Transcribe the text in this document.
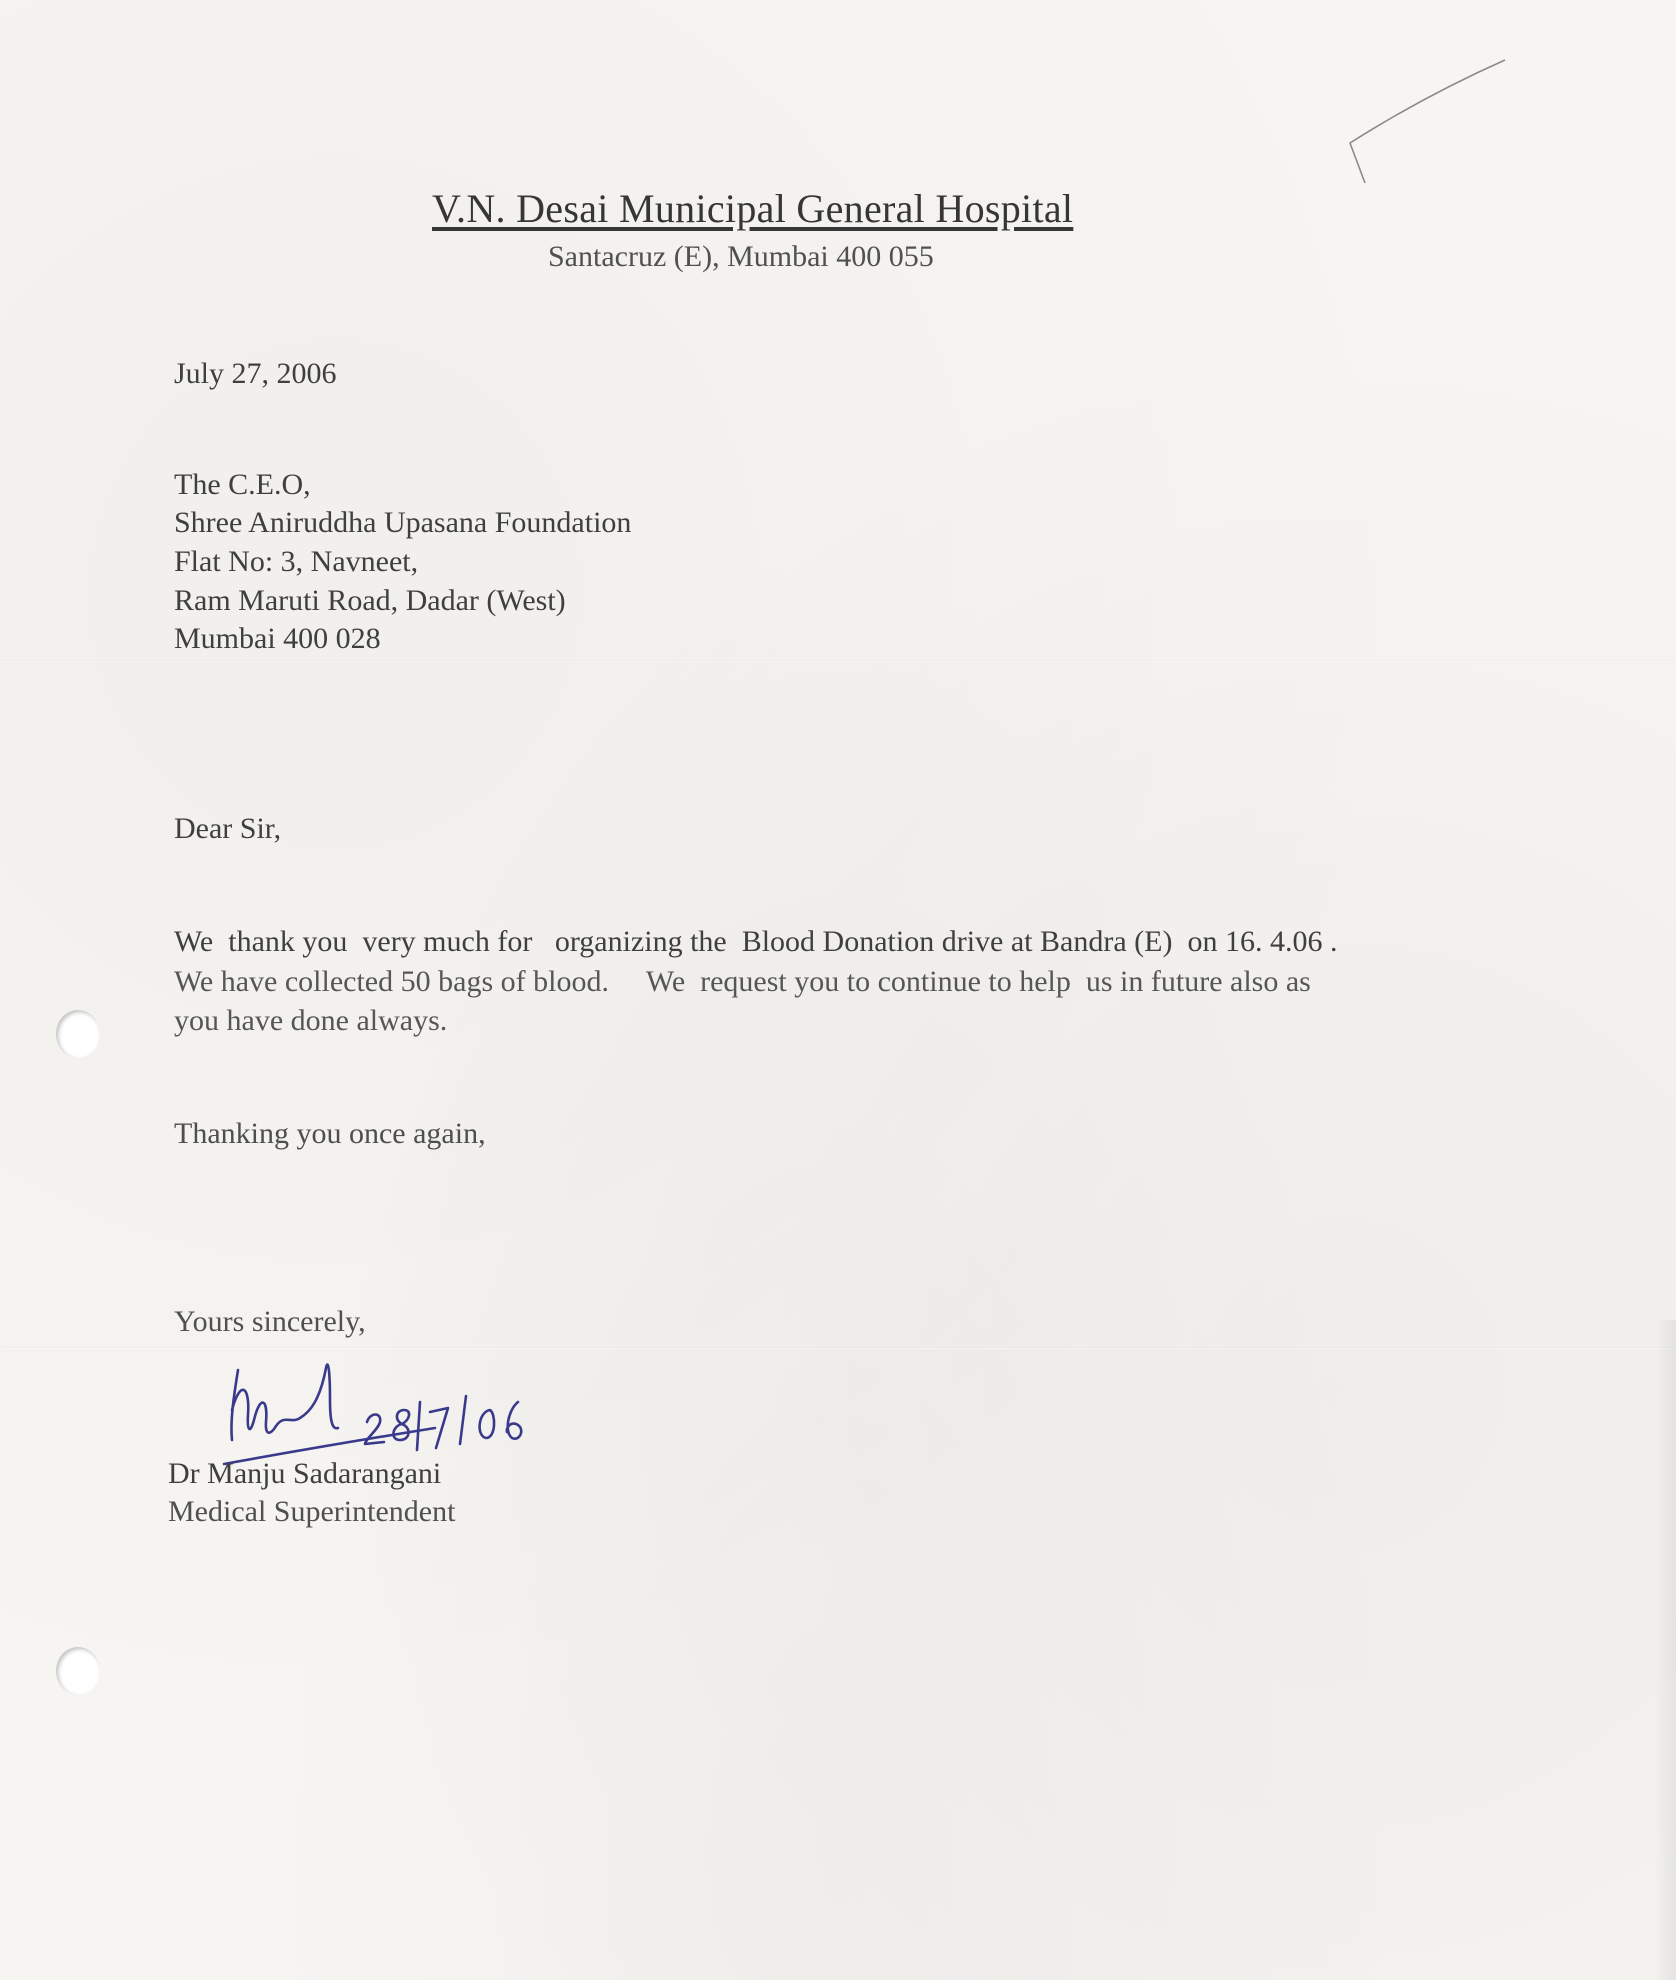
V.N. Desai Municipal General Hospital
Santacruz (E), Mumbai 400 055
July 27, 2006
The C.E.O,
Shree Aniruddha Upasana Foundation
Flat No: 3, Navneet,
Ram Maruti Road, Dadar (West)
Mumbai 400 028
Dear Sir,
We  thank you  very much for   organizing the  Blood Donation drive at Bandra (E)  on 16. 4.06 .
We have collected 50 bags of blood.     We  request you to continue to help  us in future also as
you have done always.
Thanking you once again,
Yours sincerely,
Dr Manju Sadarangani
Medical Superintendent
